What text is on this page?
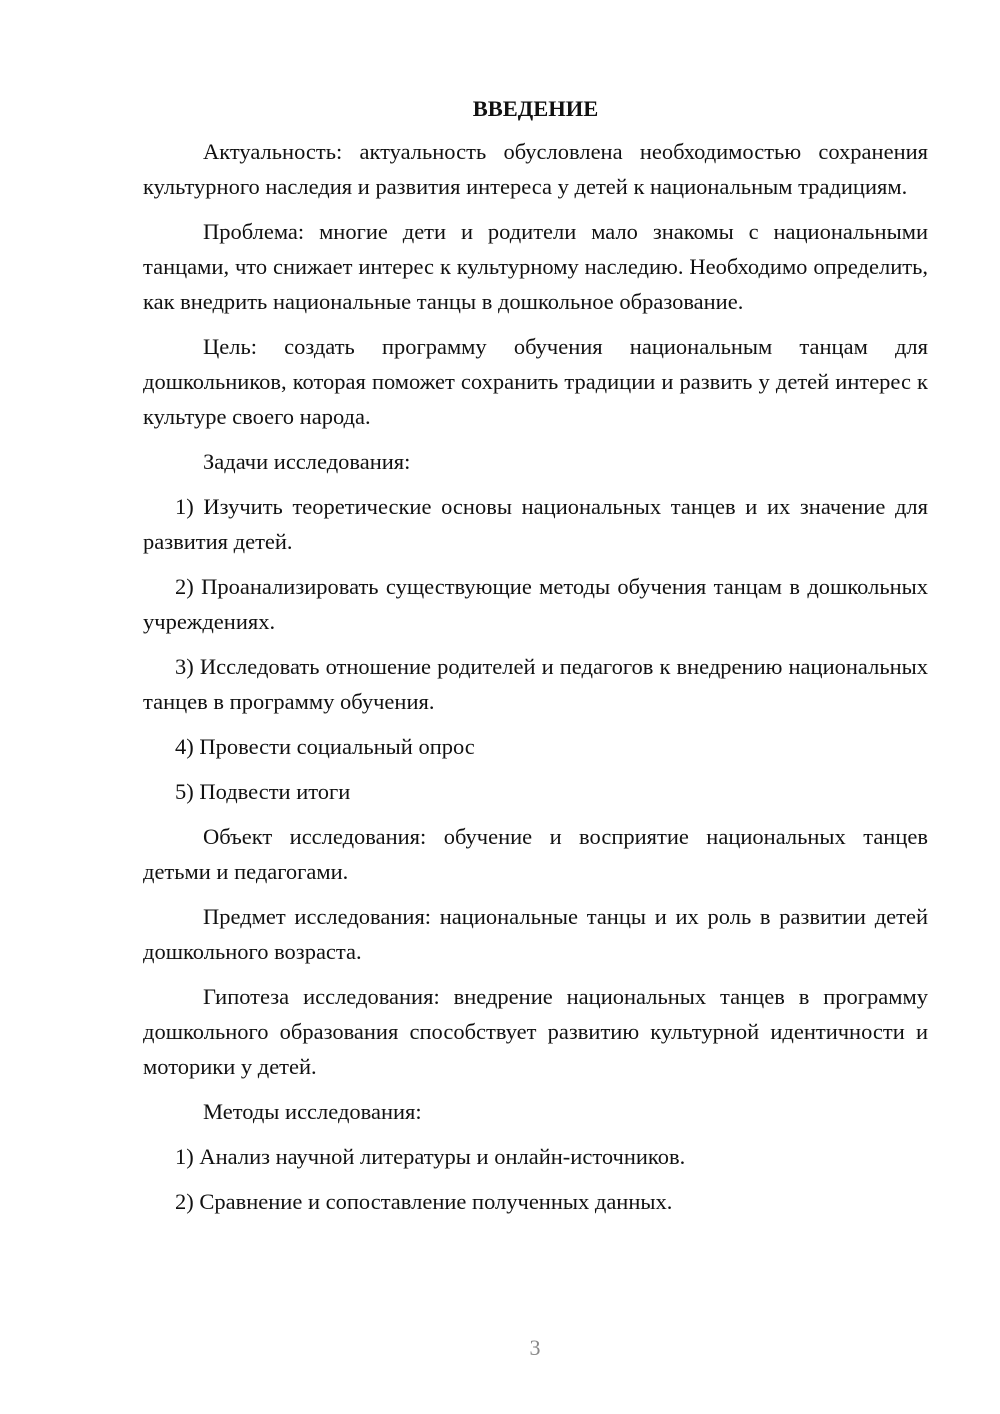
ВВЕДЕНИЕ

Актуальность: актуальность обусловлена необходимостью сохранения культурного наследия и развития интереса у детей к национальным традициям.

Проблема: многие дети и родители мало знакомы с национальными танцами, что снижает интерес к культурному наследию. Необходимо определить, как внедрить национальные танцы в дошкольное образование.

Цель: создать программу обучения национальным танцам для дошкольников, которая поможет сохранить традиции и развить у детей интерес к культуре своего народа.

Задачи исследования:

1) Изучить теоретические основы национальных танцев и их значение для развития детей.

2) Проанализировать существующие методы обучения танцам в дошкольных учреждениях.

3) Исследовать отношение родителей и педагогов к внедрению национальных танцев в программу обучения.

4) Провести социальный опрос

5) Подвести итоги

Объект исследования: обучение и восприятие национальных танцев детьми и педагогами.

Предмет исследования: национальные танцы и их роль в развитии детей дошкольного возраста.

Гипотеза исследования: внедрение национальных танцев в программу дошкольного образования способствует развитию культурной идентичности и моторики у детей.

Методы исследования:

1) Анализ научной литературы и онлайн-источников.

2) Сравнение и сопоставление полученных данных.

3
